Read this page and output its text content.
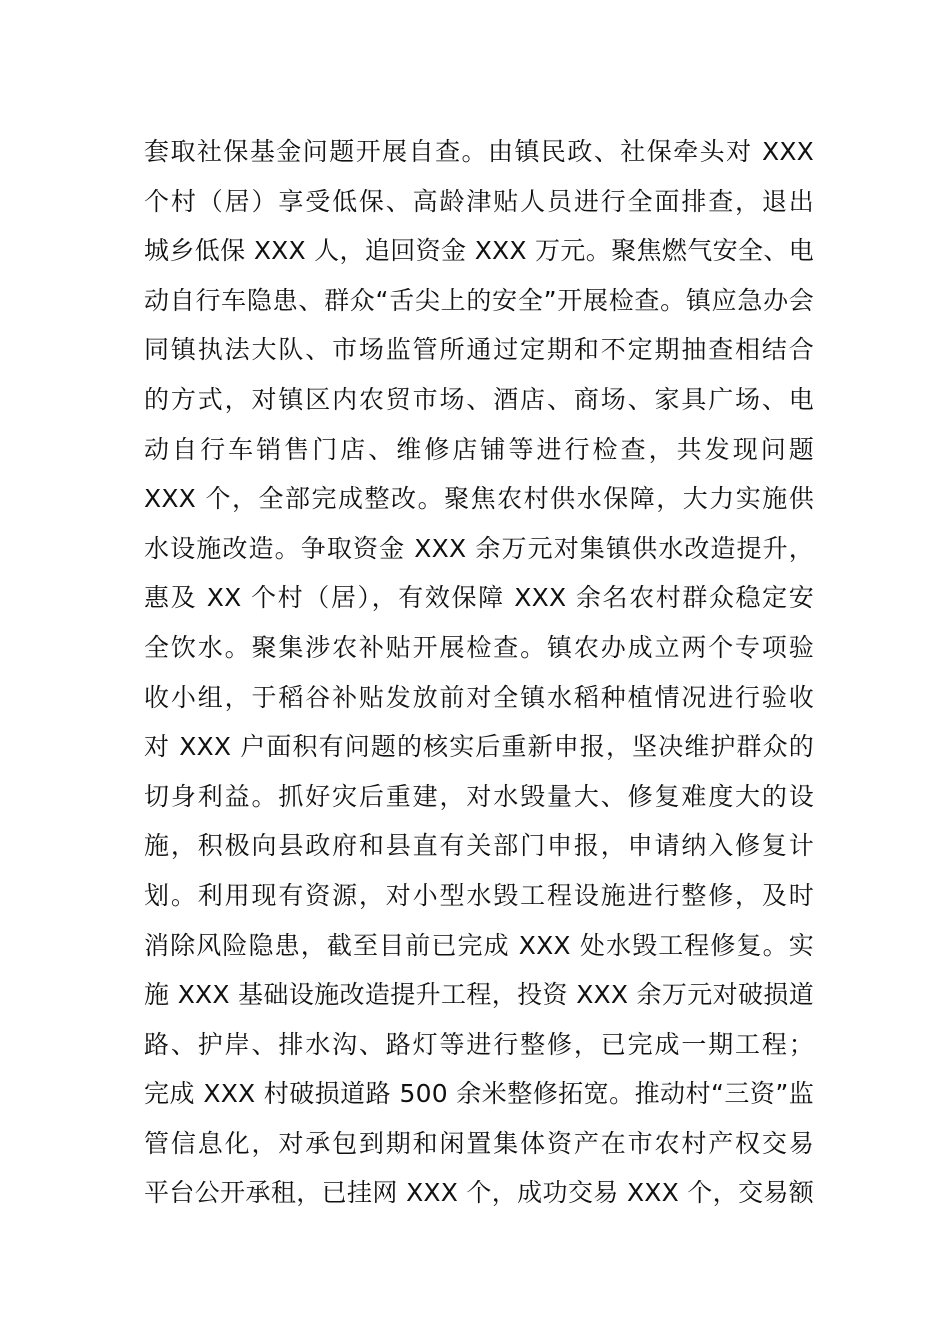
套取社保基金问题开展自查。由镇民政、社保牵头对 XXX
个村（居）享受低保、高龄津贴人员进行全面排查，退出
城乡低保 XXX 人，追回资金 XXX 万元。聚焦燃气安全、电
动自行车隐患、群众“舌尖上的安全”开展检查。镇应急办会
同镇执法大队、市场监管所通过定期和不定期抽查相结合
的方式，对镇区内农贸市场、酒店、商场、家具广场、电
动自行车销售门店、维修店铺等进行检查，共发现问题
XXX 个，全部完成整改。聚焦农村供水保障，大力实施供
水设施改造。争取资金 XXX 余万元对集镇供水改造提升，
惠及 XX 个村（居），有效保障 XXX 余名农村群众稳定安
全饮水。聚集涉农补贴开展检查。镇农办成立两个专项验
收小组，于稻谷补贴发放前对全镇水稻种植情况进行验收
对 XXX 户面积有问题的核实后重新申报，坚决维护群众的
切身利益。抓好灾后重建，对水毁量大、修复难度大的设
施，积极向县政府和县直有关部门申报，申请纳入修复计
划。利用现有资源，对小型水毁工程设施进行整修，及时
消除风险隐患，截至目前已完成 XXX 处水毁工程修复。实
施 XXX 基础设施改造提升工程，投资 XXX 余万元对破损道
路、护岸、排水沟、路灯等进行整修，已完成一期工程；
完成 XXX 村破损道路 500 余米整修拓宽。推动村“三资”监
管信息化，对承包到期和闲置集体资产在市农村产权交易
平台公开承租，已挂网 XXX 个，成功交易 XXX 个，交易额
